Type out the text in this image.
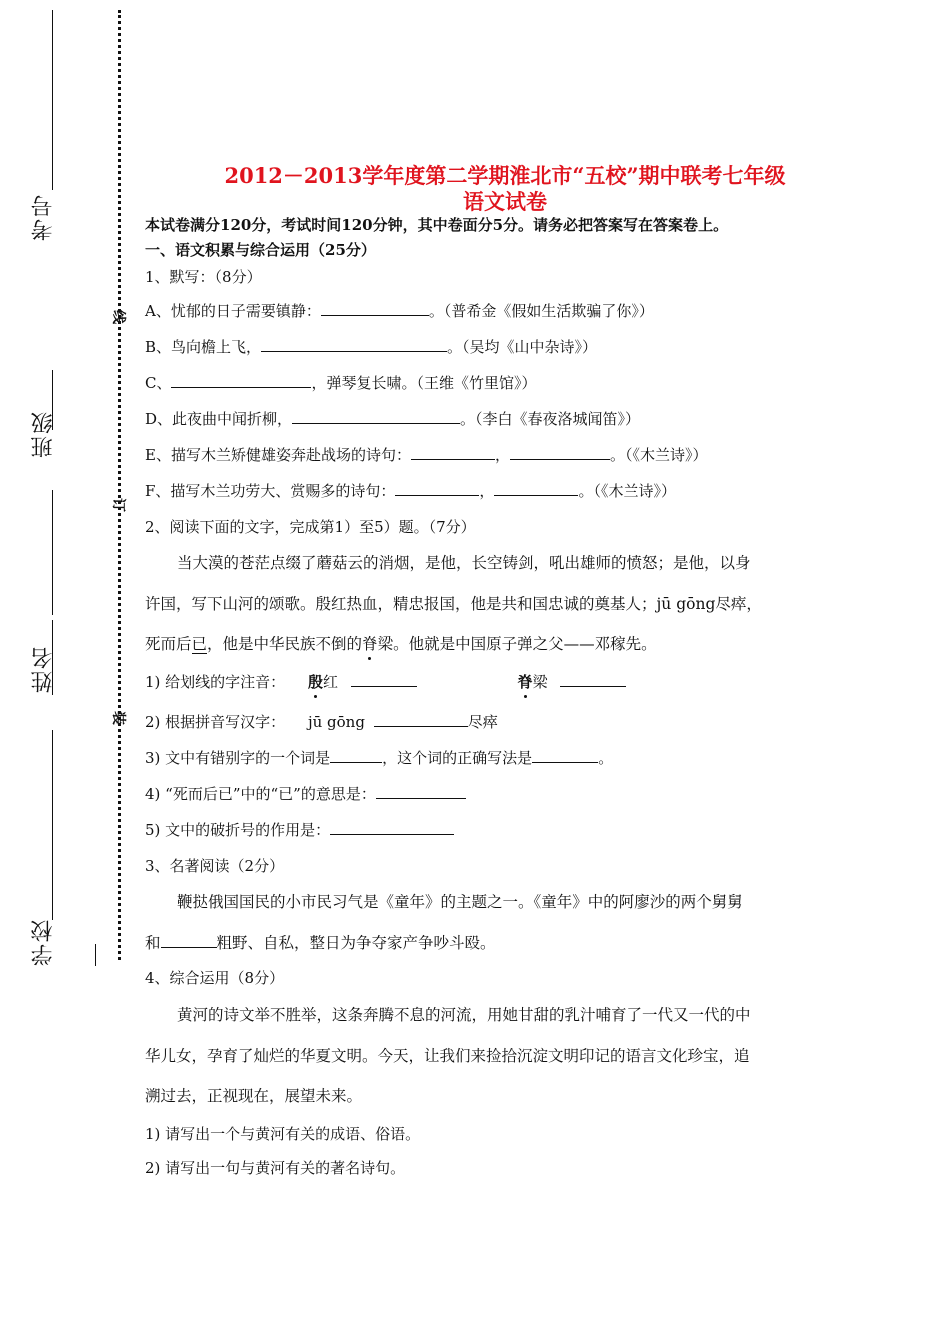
考号
班级
姓名
学校
线
订
装
2012－2013学年度第二学期淮北市“五校”期中联考七年级
语文试卷
本试卷满分120分，考试时间120分钟，其中卷面分5分。请务必把答案写在答案卷上。
一、语文积累与综合运用（25分）
1、默写：（8分）
A、忧郁的日子需要镇静：	。（普希金《假如生活欺骗了你》）
B、鸟向檐上飞，	。（吴均《山中杂诗》）
C、	，弹琴复长啸。（王维《竹里馆》）
D、此夜曲中闻折柳，	。（李白《春夜洛城闻笛》）
E、描写木兰矫健雄姿奔赴战场的诗句：	，	。（《木兰诗》）
F、描写木兰功劳大、赏赐多的诗句：	，	。（《木兰诗》）
2、阅读下面的文字，完成第1）至5）题。（7分）
当大漠的苍茫点缀了蘑菇云的消烟，是他，长空铸剑，吼出雄师的愤怒；是他，以身
许国，写下山河的颂歌。殷红热血，精忠报国，他是共和国忠诚的奠基人；jū gōng尽瘁，
死而后已，他是中华民族不倒的脊梁。他就是中国原子弹之父——邓稼先。
1) 给划线的字注音： 殷红	脊梁
2) 根据拼音写汉字： jū gōng	尽瘁
3) 文中有错别字的一个词是	，这个词的正确写法是	。
4) “死而后已”中的“已”的意思是：
5) 文中的破折号的作用是：
3、名著阅读（2分）
鞭挞俄国国民的小市民习气是《童年》的主题之一。《童年》中的阿廖沙的两个舅舅
和	粗野、自私，整日为争夺家产争吵斗殴。
4、综合运用（8分）
黄河的诗文举不胜举，这条奔腾不息的河流，用她甘甜的乳汁哺育了一代又一代的中
华儿女，孕育了灿烂的华夏文明。今天，让我们来捡拾沉淀文明印记的语言文化珍宝，追
溯过去，正视现在，展望未来。
1) 请写出一个与黄河有关的成语、俗语。
2) 请写出一句与黄河有关的著名诗句。
